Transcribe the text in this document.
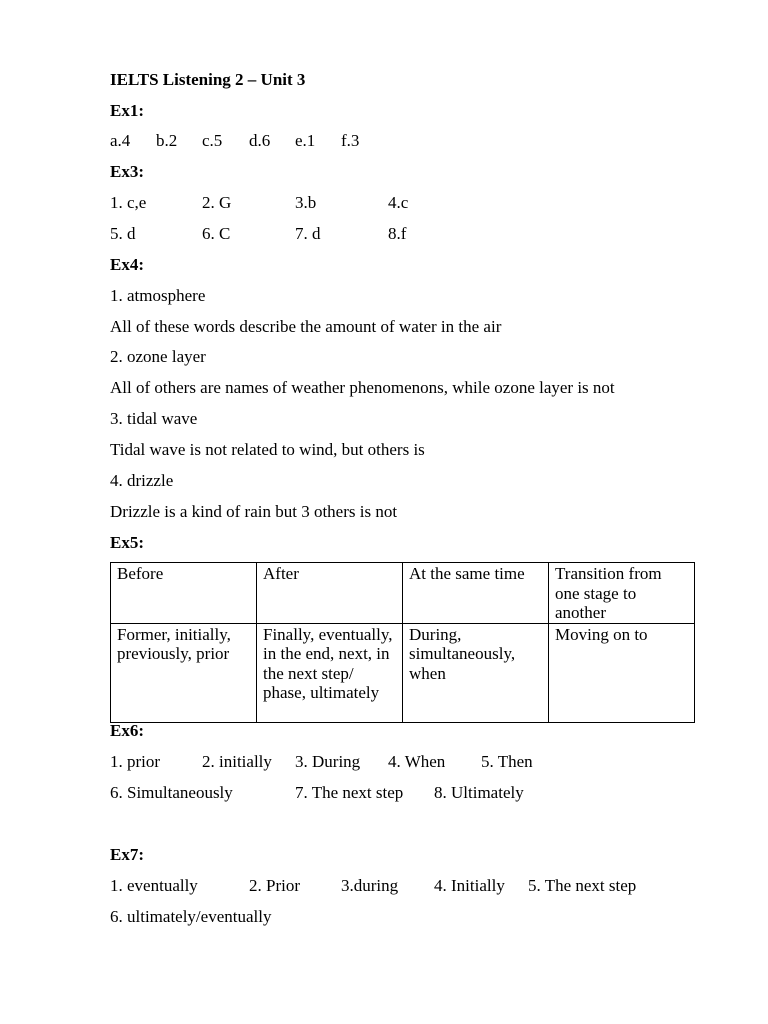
IELTS Listening 2 – Unit 3
Ex1:
a.4 b.2 c.5 d.6 e.1 f.3
Ex3:
1. c,e	2. G	3.b	4.c
5. d	6. C	7. d	8.f
Ex4:
1. atmosphere
All of these words describe the amount of water in the air
2. ozone layer
All of others are names of weather phenomenons, while ozone layer is not
3. tidal wave
Tidal wave is not related to wind, but others is
4. drizzle
Drizzle is a kind of rain but 3 others is not
Ex5:
Before	After	At the same time	Transition from one stage to another
Former, initially, previously, prior	Finally, eventually, in the end, next, in the next step/ phase, ultimately	During, simultaneously, when	Moving on to
Ex6:
1. prior 2. initially 3. During 4. When 5. Then
6. Simultaneously	7. The next step 8. Ultimately
Ex7:
1. eventually	2. Prior 3.during 4. Initially 5. The next step
6. ultimately/eventually
